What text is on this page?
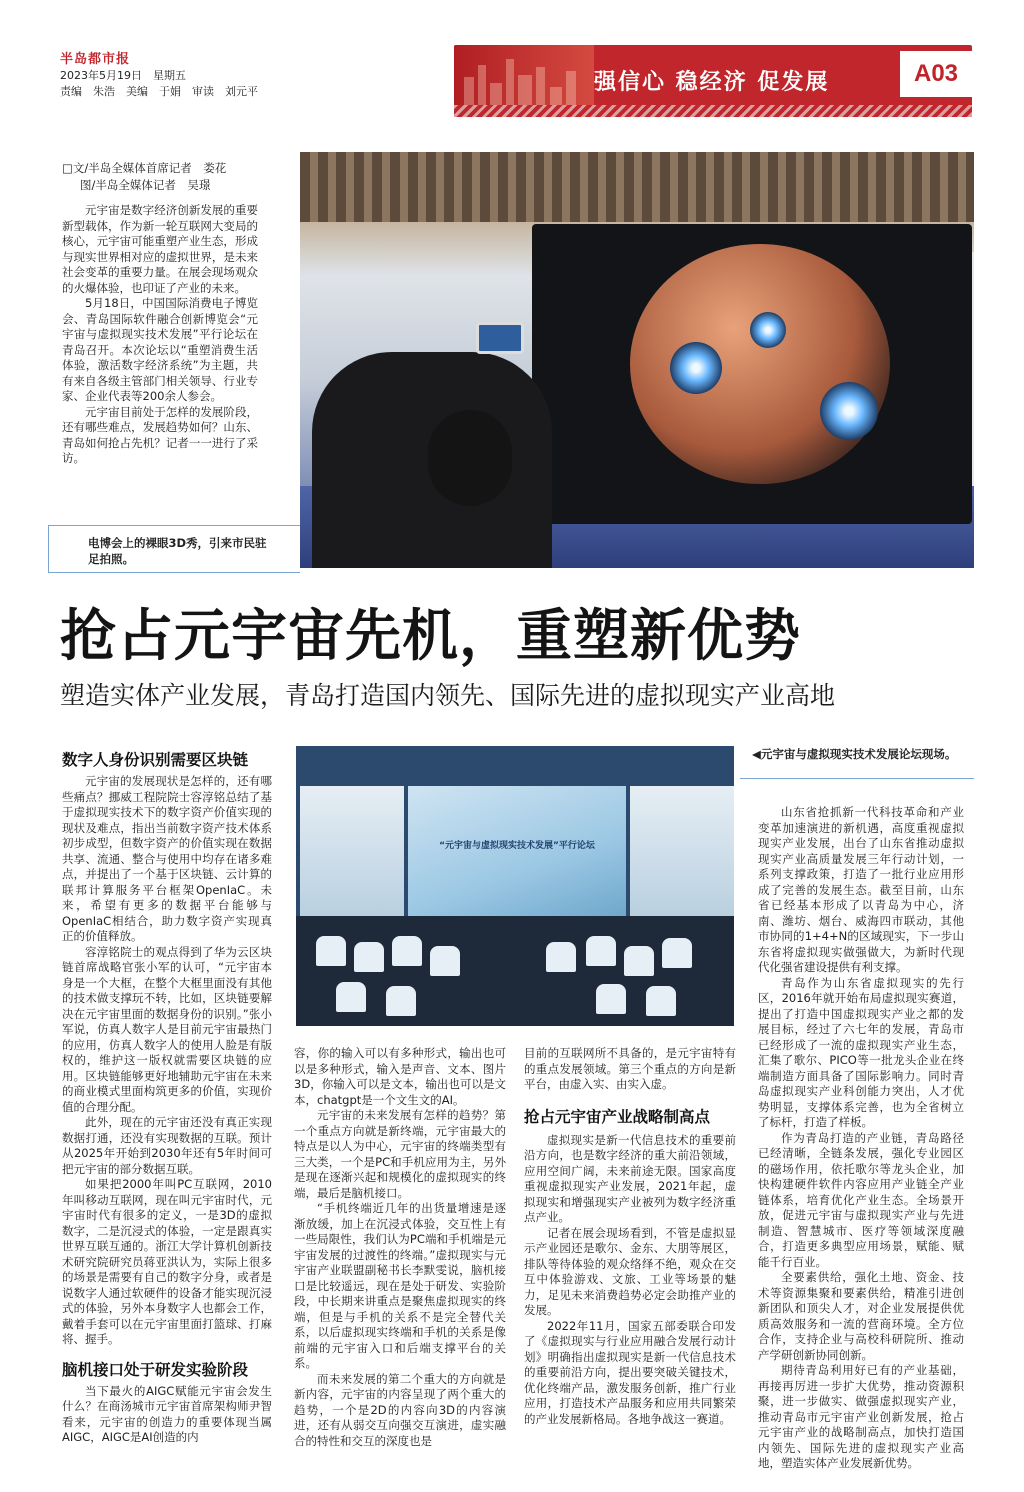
半岛都市报
2023年5月19日　星期五
责编　朱浩　美编　于娟　审读　刘元平	强信心 稳经济 促发展	A03
□文/半岛全媒体首席记者　娄花
图/半岛全媒体记者　吴璟

元宇宙是数字经济创新发展的重要新型载体，作为新一轮互联网大变局的核心，元宇宙可能重塑产业生态，形成与现实世界相对应的虚拟世界，是未来社会变革的重要力量。在展会现场观众的火爆体验，也印证了产业的未来。

5月18日，中国国际消费电子博览会、青岛国际软件融合创新博览会“元宇宙与虚拟现实技术发展”平行论坛在青岛召开。本次论坛以“重塑消费生活体验，激活数字经济系统”为主题，共有来自各级主管部门相关领导、行业专家、企业代表等200余人参会。

元宇宙目前处于怎样的发展阶段，还有哪些难点，发展趋势如何？山东、青岛如何抢占先机？记者一一进行了采访。

电博会上的裸眼3D秀，引来市民驻足拍照。
抢占元宇宙先机，重塑新优势
塑造实体产业发展，青岛打造国内领先、国际先进的虚拟现实产业高地
“元宇宙与虚拟现实技术发展”平行论坛
◀元宇宙与虚拟现实技术发展论坛现场。
数字人身份识别需要区块链

元宇宙的发展现状是怎样的，还有哪些痛点？挪威工程院院士容淳铭总结了基于虚拟现实技术下的数字资产价值实现的现状及难点，指出当前数字资产技术体系初步成型，但数字资产的价值实现在数据共享、流通、整合与使用中均存在诸多难点，并提出了一个基于区块链、云计算的联邦计算服务平台框架OpenIaC。未来，希望有更多的数据平台能够与OpenIaC相结合，助力数字资产实现真正的价值释放。

容淳铭院士的观点得到了华为云区块链首席战略官张小军的认可，“元宇宙本身是一个大框，在整个大框里面没有其他的技术做支撑玩不转，比如，区块链要解决在元宇宙里面的数据身份的识别。”张小军说，仿真人数字人是目前元宇宙最热门的应用，仿真人数字人的使用人脸是有版权的，维护这一版权就需要区块链的应用。区块链能够更好地辅助元宇宙在未来的商业模式里面构筑更多的价值，实现价值的合理分配。

此外，现在的元宇宙还没有真正实现数据打通，还没有实现数据的互联。预计从2025年开始到2030年还有5年时间可把元宇宙的部分数据互联。

如果把2000年叫PC互联网，2010年叫移动互联网，现在叫元宇宙时代，元宇宙时代有很多的定义，一是3D的虚拟数字，二是沉浸式的体验，一定是跟真实世界互联互通的。浙江大学计算机创新技术研究院研究员蒋亚洪认为，实际上很多的场景是需要有自己的数字分身，或者是说数字人通过软硬件的设备才能实现沉浸式的体验，另外本身数字人也都会工作，戴着手套可以在元宇宙里面打篮球、打麻将、握手。

脑机接口处于研发实验阶段

当下最火的AIGC赋能元宇宙会发生什么？在商汤城市元宇宙首席架构师尹智看来，元宇宙的创造力的重要体现当属AIGC，AIGC是AI创造的内

容，你的输入可以有多种形式，输出也可以是多种形式，输入是声音、文本、图片3D，你输入可以是文本，输出也可以是文本，chatgpt是一个文生文的AI。

元宇宙的未来发展有怎样的趋势？第一个重点方向就是新终端，元宇宙最大的特点是以人为中心，元宇宙的终端类型有三大类，一个是PC和手机应用为主，另外是现在逐渐兴起和规模化的虚拟现实的终端，最后是脑机接口。

“手机终端近几年的出货量增速是逐渐放缓，加上在沉浸式体验，交互性上有一些局限性，我们认为PC端和手机端是元宇宙发展的过渡性的终端。”虚拟现实与元宇宙产业联盟副秘书长李默雯说，脑机接口是比较遥远，现在是处于研发、实验阶段，中长期来讲重点是聚焦虚拟现实的终端，但是与手机的关系不是完全替代关系，以后虚拟现实终端和手机的关系是像前端的元宇宙入口和后端支撑平台的关系。

而未来发展的第二个重大的方向就是新内容，元宇宙的内容呈现了两个重大的趋势，一个是2D的内容向3D的内容演进，还有从弱交互向强交互演进，虚实融合的特性和交互的深度也是

目前的互联网所不具备的，是元宇宙特有的重点发展领域。第三个重点的方向是新平台，由虚入实、由实入虚。

抢占元宇宙产业战略制高点

虚拟现实是新一代信息技术的重要前沿方向，也是数字经济的重大前沿领域，应用空间广阔，未来前途无限。国家高度重视虚拟现实产业发展，2021年起，虚拟现实和增强现实产业被列为数字经济重点产业。

记者在展会现场看到，不管是虚拟显示产业园还是歌尔、金东、大朋等展区，排队等待体验的观众络绎不绝，观众在交互中体验游戏、文旅、工业等场景的魅力，足见未来消费趋势必定会助推产业的发展。

2022年11月，国家五部委联合印发了《虚拟现实与行业应用融合发展行动计划》明确指出虚拟现实是新一代信息技术的重要前沿方向，提出要突破关键技术，优化终端产品，激发服务创新，推广行业应用，打造技术产品服务和应用共同繁荣的产业发展新格局。各地争战这一赛道。

山东省抢抓新一代科技革命和产业变革加速演进的新机遇，高度重视虚拟现实产业发展，出台了山东省推动虚拟现实产业高质量发展三年行动计划，一系列支撑政策，打造了一批行业应用形成了完善的发展生态。截至目前，山东省已经基本形成了以青岛为中心，济南、潍坊、烟台、威海四市联动，其他市协同的1+4+N的区域现实，下一步山东省将虚拟现实做强做大，为新时代现代化强省建设提供有利支撑。

青岛作为山东省虚拟现实的先行区，2016年就开始布局虚拟现实赛道，提出了打造中国虚拟现实产业之都的发展目标，经过了六七年的发展，青岛市已经形成了一流的虚拟现实产业生态，汇集了歌尔、PICO等一批龙头企业在终端制造方面具备了国际影响力。同时青岛虚拟现实产业科创能力突出，人才优势明显，支撑体系完善，也为全省树立了标杆，打造了样板。

作为青岛打造的产业链，青岛路径已经清晰，全链条发展，强化专业园区的磁场作用，依托歌尔等龙头企业，加快构建硬件软件内容应用产业链全产业链体系，培育优化产业生态。全场景开放，促进元宇宙与虚拟现实产业与先进制造、智慧城市、医疗等领域深度融合，打造更多典型应用场景，赋能、赋能千行百业。

全要素供给，强化土地、资金、技术等资源集聚和要素供给，精准引进创新团队和顶尖人才，对企业发展提供优质高效服务和一流的营商环境。全方位合作，支持企业与高校科研院所、推动产学研创新协同创新。

期待青岛利用好已有的产业基础，再接再厉进一步扩大优势，推动资源积聚，进一步做实、做强虚拟现实产业，推动青岛市元宇宙产业创新发展，抢占元宇宙产业的战略制高点，加快打造国内领先、国际先进的虚拟现实产业高地，塑造实体产业发展新优势。
